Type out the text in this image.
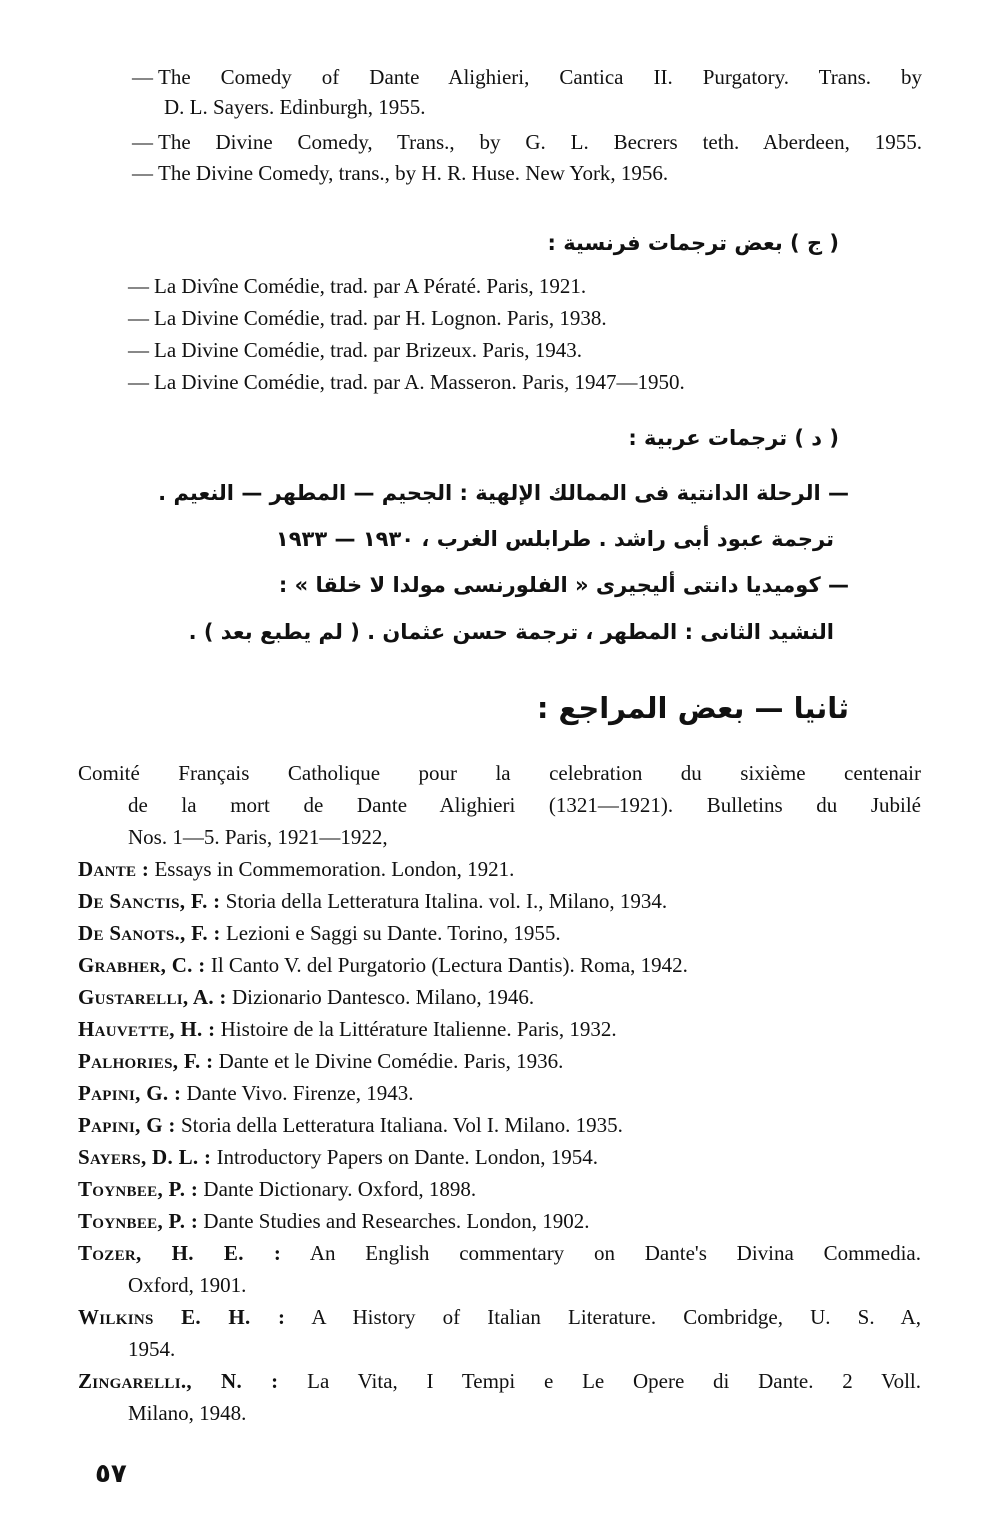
— The Comedy of Dante Alighieri, Cantica II. Purgatory. Trans. by
D. L. Sayers. Edinburgh, 1955.
— The Divine Comedy, Trans., by G. L. Becrers teth. Aberdeen, 1955.
— The Divine Comedy, trans., by H. R. Huse. New York, 1956.
( ج ) بعض ترجمات فرنسية :
— La Divîne Comédie, trad. par A Pératé. Paris, 1921.
— La Divine Comédie, trad. par H. Lognon. Paris, 1938.
— La Divine Comédie, trad. par Brizeux. Paris, 1943.
— La Divine Comédie, trad. par A. Masseron. Paris, 1947—1950.
( د ) ترجمات عربية :
— الرحلة الدانتية فى الممالك الإلهية : الجحيم — المطهر — النعيم .
ترجمة عبود أبى راشد . طرابلس الغرب ، ١٩٣٠ — ١٩٣٣
— كوميديا دانتى أليجيرى « الفلورنسى مولدا لا خلقا » :
النشيد الثانى : المطهر ، ترجمة حسن عثمان . ( لم يطبع بعد ) .
ثانيا — بعض المراجع :
Comité Français Catholique pour la celebration du sixième centenair
de la mort de Dante Alighieri (1321—1921). Bulletins du Jubilé
Nos. 1—5. Paris, 1921—1922,
Dante : Essays in Commemoration. London, 1921.
De Sanctis, F. : Storia della Letteratura Italina. vol. I., Milano, 1934.
De Sanots., F. : Lezioni e Saggi su Dante. Torino, 1955.
Grabher, C. : Il Canto V. del Purgatorio (Lectura Dantis). Roma, 1942.
Gustarelli, A. : Dizionario Dantesco. Milano, 1946.
Hauvette, H. : Histoire de la Littérature Italienne. Paris, 1932.
Palhories, F. : Dante et le Divine Comédie. Paris, 1936.
Papini, G. : Dante Vivo. Firenze, 1943.
Papini, G : Storia della Letteratura Italiana. Vol I. Milano. 1935.
Sayers, D. L. : Introductory Papers on Dante. London, 1954.
Toynbee, P. : Dante Dictionary. Oxford, 1898.
Toynbee, P. : Dante Studies and Researches. London, 1902.
Tozer, H. E. : An English commentary on Dante's Divina Commedia.
Oxford, 1901.
Wilkins E. H. : A History of Italian Literature. Combridge, U. S. A,
1954.
Zingarelli., N. : La Vita, I Tempi e Le Opere di Dante. 2 Voll.
Milano, 1948.
٥٧
